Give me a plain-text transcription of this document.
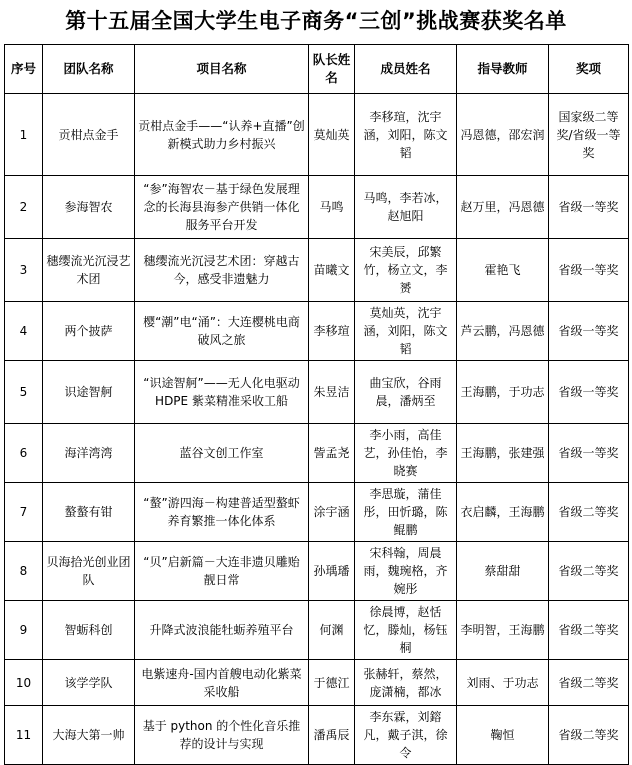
第十五届全国大学生电子商务“三创”挑战赛获奖名单
序号	团队名称	项目名称	队长姓名	成员姓名	指导教师	奖项
1	贡柑点金手	贡柑点金手——“认养+直播”创新模式助力乡村振兴	莫灿英	李移瑄，沈宇涵，刘阳，陈文韬	冯恩德，邵宏润	国家级二等奖/省级一等奖
2	参海智农	“参”海智农－基于绿色发展理念的长海县海参产供销一体化服务平台开发	马鸣	马鸣，李若冰，赵旭阳	赵万里，冯恩德	省级一等奖
3	穗缨流光沉浸艺术团	穗缨流光沉浸艺术团：穿越古今，感受非遗魅力	苗曦文	宋美辰，邱繁竹，杨立文，李赟	霍艳飞	省级一等奖
4	两个披萨	樱“潮”电“涌”：大连樱桃电商破风之旅	李移瑄	莫灿英，沈宇涵，刘阳，陈文韬	芦云鹏，冯恩德	省级一等奖
5	识途智舸	“识途智舸”——无人化电驱动 HDPE 紫菜精准采收工船	朱昱洁	曲宝欣，谷雨晨，潘炳至	王海鹏，于功志	省级一等奖
6	海洋湾湾	蓝谷文创工作室	訾孟尧	李小雨，高佳艺，孙佳怡，李晓赛	王海鹏，张建强	省级一等奖
7	螯螯有钳	“螯”游四海－构建普适型螯虾养育繁推一体化体系	涂宇涵	李思璇，蒲佳彤，田忻璐，陈鲲鹏	衣启麟，王海鹏	省级二等奖
8	贝海拾光创业团队	“贝”启新篇－大连非遗贝雕贻靓日常	孙瑀璠	宋科翰，周晨雨，魏琬格，齐婉彤	蔡甜甜	省级二等奖
9	智蛎科创	升降式波浪能牡蛎养殖平台	何渊	徐晨博，赵恬忆，滕灿，杨钰桐	李明智，王海鹏	省级二等奖
10	该学学队	电紫速舟-国内首艘电动化紫菜采收船	于德江	张赫轩，蔡然，庞潇楠，都冰	刘雨、于功志	省级二等奖
11	大海大第一帅	基于 python 的个性化音乐推荐的设计与实现	潘禹辰	李东霖，刘鎔凡，戴子淇，徐令	鞠恒	省级二等奖
